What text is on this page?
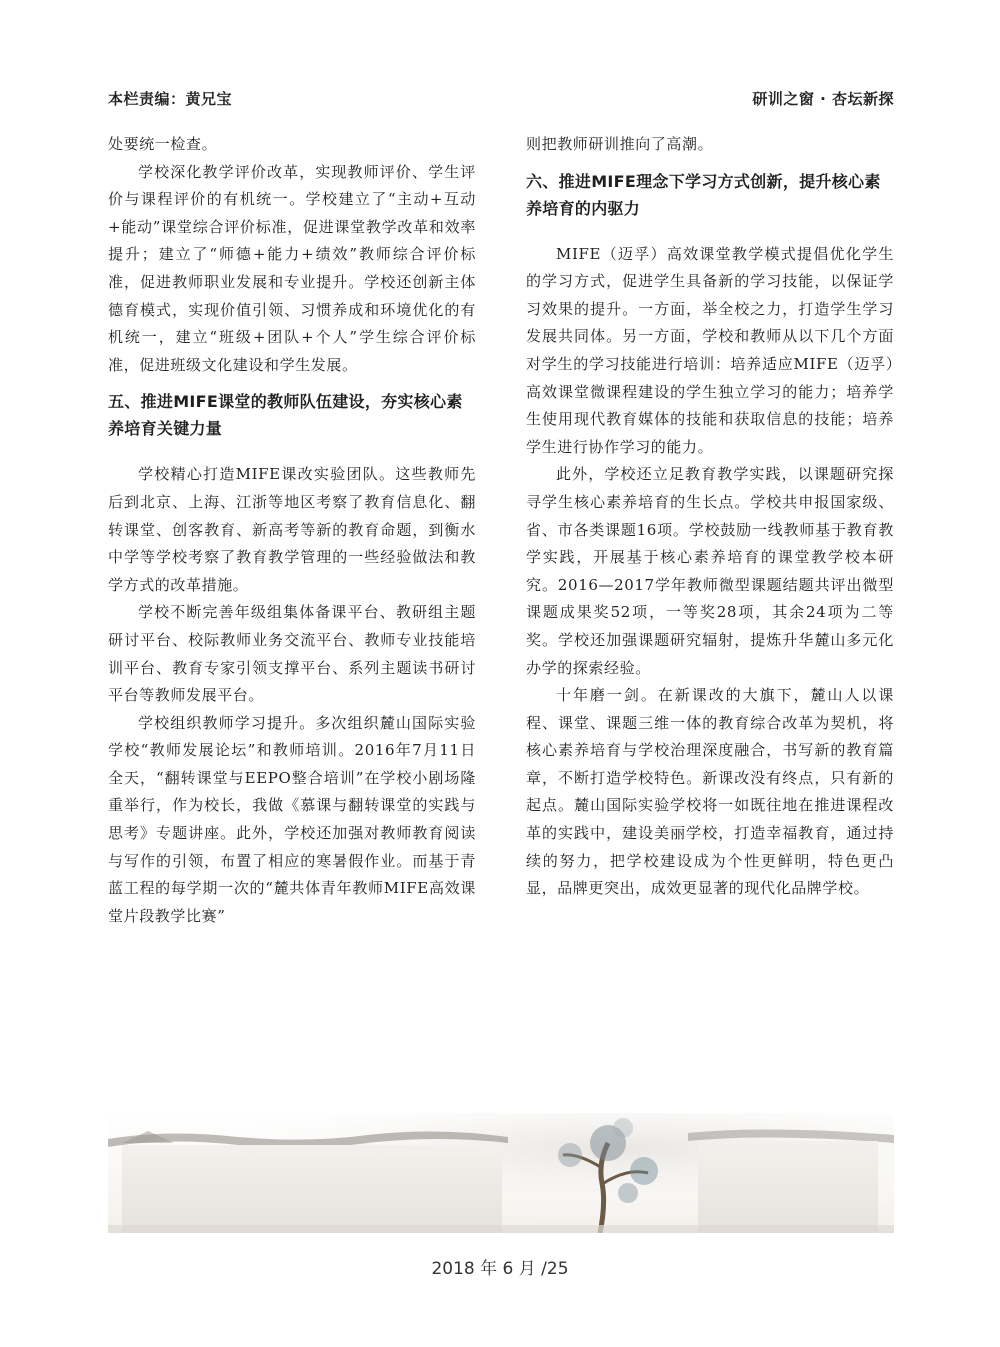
本栏责编：黄兄宝	研训之窗 · 杏坛新探

处要统一检查。

学校深化教学评价改革，实现教师评价、学生评价与课程评价的有机统一。学校建立了“主动+互动+能动”课堂综合评价标准，促进课堂教学改革和效率提升；建立了“师德+能力+绩效”教师综合评价标准，促进教师职业发展和专业提升。学校还创新主体德育模式，实现价值引领、习惯养成和环境优化的有机统一，建立“班级+团队+个人”学生综合评价标准，促进班级文化建设和学生发展。

五、推进MIFE课堂的教师队伍建设，夯实核心素养培育关键力量

学校精心打造MIFE课改实验团队。这些教师先后到北京、上海、江浙等地区考察了教育信息化、翻转课堂、创客教育、新高考等新的教育命题，到衡水中学等学校考察了教育教学管理的一些经验做法和教学方式的改革措施。

学校不断完善年级组集体备课平台、教研组主题研讨平台、校际教师业务交流平台、教师专业技能培训平台、教育专家引领支撑平台、系列主题读书研讨平台等教师发展平台。

学校组织教师学习提升。多次组织麓山国际实验学校“教师发展论坛”和教师培训。2016年7月11日全天，“翻转课堂与EEPO整合培训”在学校小剧场隆重举行，作为校长，我做《慕课与翻转课堂的实践与思考》专题讲座。此外，学校还加强对教师教育阅读与写作的引领，布置了相应的寒暑假作业。而基于青蓝工程的每学期一次的“麓共体青年教师MIFE高效课堂片段教学比赛”

则把教师研训推向了高潮。

六、推进MIFE理念下学习方式创新，提升核心素养培育的内驱力

MIFE（迈孚）高效课堂教学模式提倡优化学生的学习方式，促进学生具备新的学习技能，以保证学习效果的提升。一方面，举全校之力，打造学生学习发展共同体。另一方面，学校和教师从以下几个方面对学生的学习技能进行培训：培养适应MIFE（迈孚）高效课堂微课程建设的学生独立学习的能力；培养学生使用现代教育媒体的技能和获取信息的技能；培养学生进行协作学习的能力。

此外，学校还立足教育教学实践，以课题研究探寻学生核心素养培育的生长点。学校共申报国家级、省、市各类课题16项。学校鼓励一线教师基于教育教学实践，开展基于核心素养培育的课堂教学校本研究。2016—2017学年教师微型课题结题共评出微型课题成果奖52项，一等奖28项，其余24项为二等奖。学校还加强课题研究辐射，提炼升华麓山多元化办学的探索经验。

十年磨一剑。在新课改的大旗下，麓山人以课程、课堂、课题三维一体的教育综合改革为契机，将核心素养培育与学校治理深度融合，书写新的教育篇章，不断打造学校特色。新课改没有终点，只有新的起点。麓山国际实验学校将一如既往地在推进课程改革的实践中，建设美丽学校，打造幸福教育，通过持续的努力，把学校建设成为个性更鲜明，特色更凸显，品牌更突出，成效更显著的现代化品牌学校。

2018 年 6 月 /25
